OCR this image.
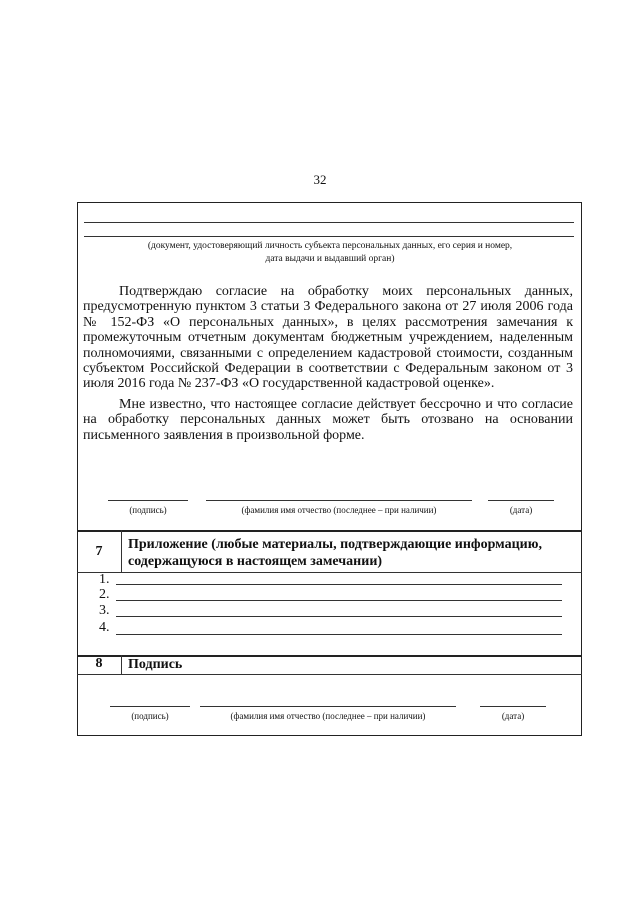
32
(документ, удостоверяющий личность субъекта персональных данных, его серия и номер,
дата выдачи и выдавший орган)

Подтверждаю согласие на обработку моих персональных данных, предусмотренную пунктом 3 статьи 3 Федерального закона от 27 июля 2006 года № 152-ФЗ «О персональных данных», в целях рассмотрения замечания к промежуточным отчетным документам бюджетным учреждением, наделенным полномочиями, связанными с определением кадастровой стоимости, созданным субъектом Российской Федерации в соответствии с Федеральным законом от 3 июля 2016 года № 237-ФЗ «О государственной кадастровой оценке».

Мне известно, что настоящее согласие действует бессрочно и что согласие на обработку персональных данных может быть отозвано на основании письменного заявления в произвольной форме.

(подпись)	(фамилия имя отчество (последнее – при наличии)	(дата)
7	Приложение (любые материалы, подтверждающие информацию, содержащуюся в настоящем замечании)
1.
2.
3.
4.
8	Подпись
(подпись)	(фамилия имя отчество (последнее – при наличии)	(дата)
